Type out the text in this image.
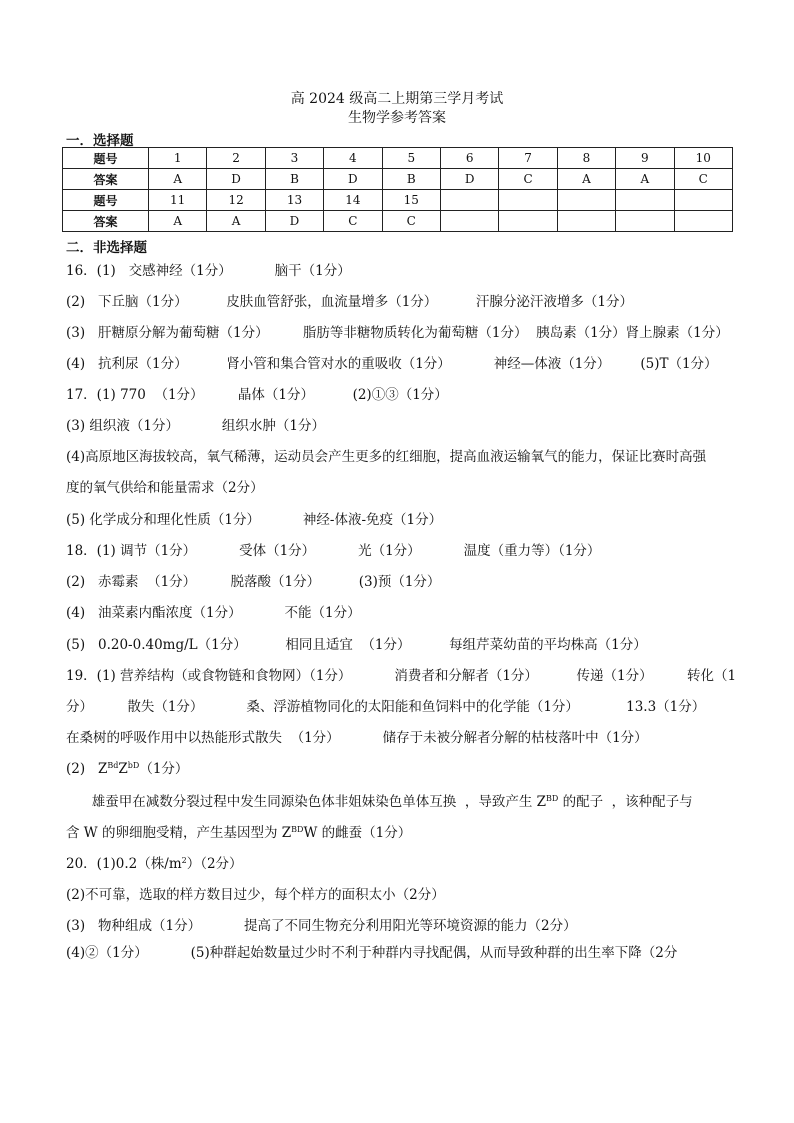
高 2024 级高二上期第三学月考试
生物学参考答案
一．选择题
题号	1	2	3	4	5	6	7	8	9	10
答案	A	D	B	D	B	D	C	A	A	C
题号	11	12	13	14	15					
答案	A	A	D	C	C					
二．非选择题
16．(1)   交感神经（1分）          脑干（1分）
(2)   下丘脑（1分）         皮肤血管舒张，血流量增多（1分）         汗腺分泌汗液增多（1分）
(3)   肝糖原分解为葡萄糖（1分）        脂肪等非糖物质转化为葡萄糖（1分）  胰岛素（1分）肾上腺素（1分）
(4)   抗利尿（1分）         肾小管和集合管对水的重吸收（1分）          神经—体液（1分）       (5)T（1分）
17．(1) 770  （1分）        晶体（1分）         (2)①③（1分）
(3) 组织液（1分）          组织水肿（1分）
(4)高原地区海拔较高，氧气稀薄，运动员会产生更多的红细胞，提高血液运输氧气的能力，保证比赛时高强
度的氧气供给和能量需求（2分）
(5) 化学成分和理化性质（1分）          神经-体液-免疫（1分）
18．(1) 调节（1分）          受体（1分）          光（1分）          温度（重力等）（1分）
(2)   赤霉素  （1分）        脱落酸（1分）         (3)预（1分）
(4)   油菜素内酯浓度（1分）          不能（1分）
(5)   0.20-0.40mg/L（1分）         相同且适宜  （1分）         每组芹菜幼苗的平均株高（1分）
19．(1) 营养结构（或食物链和食物网）（1分）          消费者和分解者（1分）         传递（1分）        转化（1
分）        散失（1分）          桑、浮游植物同化的太阳能和鱼饲料中的化学能（1分）           13.3（1分）
在桑树的呼吸作用中以热能形式散失  （1分）          储存于未被分解者分解的枯枝落叶中（1分）
(2)   $Z^{Bd}Z^{bD}(1$分）
雄蚕甲在减数分裂过程中发生同源染色体非姐妹染色单体互换  ，导致产生 $Z^{BD}$ 的配子  ，该种配子与
含 W 的卵细胞受精，产生基因型为 $Z^{BD}W$ 的雌蚕（1分）
20．(1)0.2（株$/m^2)(2$分）
(2)不可靠，选取的样方数目过少，每个样方的面积太小（2分）
(3)   物种组成（1分）          提高了不同生物充分利用阳光等环境资源的能力（2分）
(4)②（1分）          (5)种群起始数量过少时不利于种群内寻找配偶，从而导致种群的出生率下降（2分
